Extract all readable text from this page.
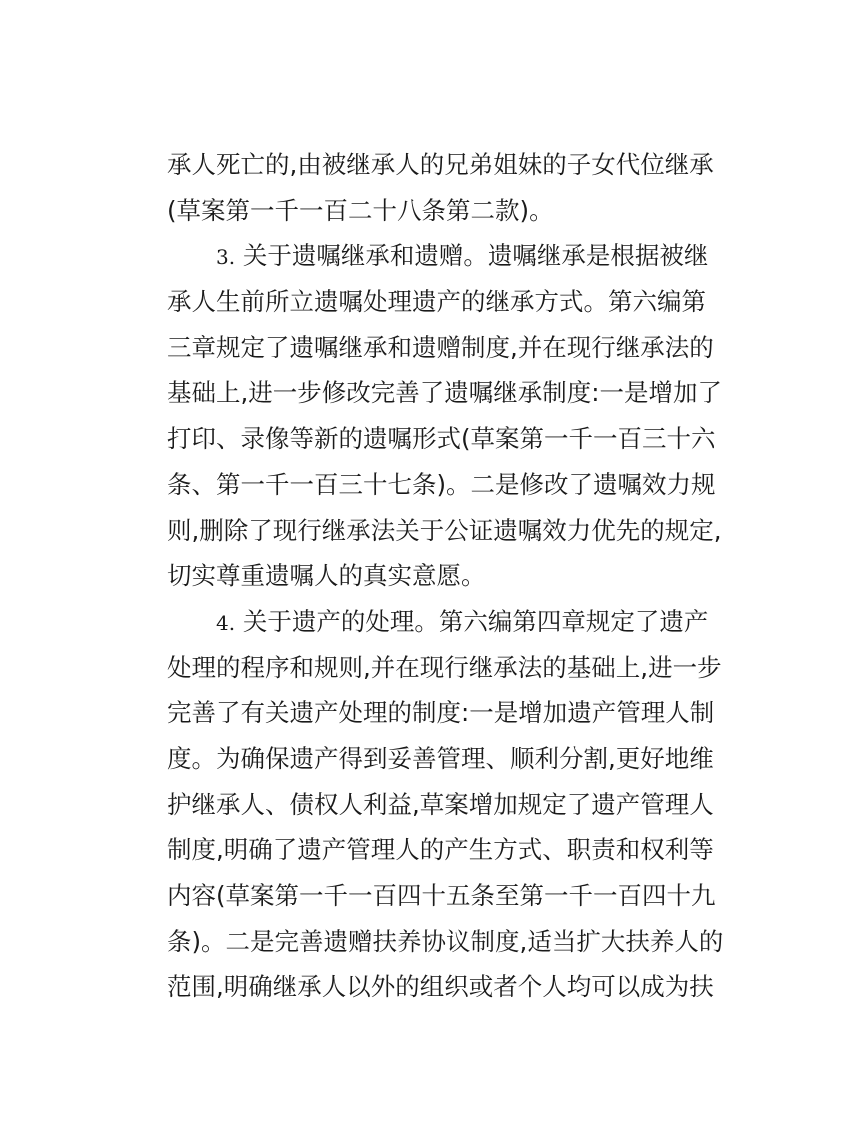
承人死亡的,由被继承人的兄弟姐妹的子女代位继承
(草案第一千一百二十八条第二款)。
3. 关于遗嘱继承和遗赠。遗嘱继承是根据被继
承人生前所立遗嘱处理遗产的继承方式。第六编第
三章规定了遗嘱继承和遗赠制度,并在现行继承法的
基础上,进一步修改完善了遗嘱继承制度:一是增加了
打印、录像等新的遗嘱形式(草案第一千一百三十六
条、第一千一百三十七条)。二是修改了遗嘱效力规
则,删除了现行继承法关于公证遗嘱效力优先的规定,
切实尊重遗嘱人的真实意愿。
4. 关于遗产的处理。第六编第四章规定了遗产
处理的程序和规则,并在现行继承法的基础上,进一步
完善了有关遗产处理的制度:一是增加遗产管理人制
度。为确保遗产得到妥善管理、顺利分割,更好地维
护继承人、债权人利益,草案增加规定了遗产管理人
制度,明确了遗产管理人的产生方式、职责和权利等
内容(草案第一千一百四十五条至第一千一百四十九
条)。二是完善遗赠扶养协议制度,适当扩大扶养人的
范围,明确继承人以外的组织或者个人均可以成为扶
